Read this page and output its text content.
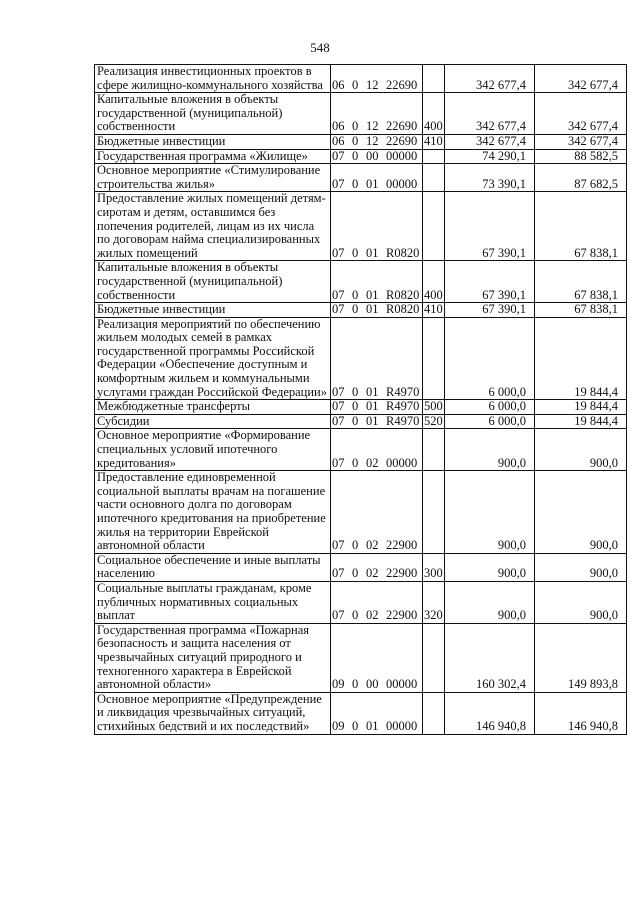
548
Реализация инвестиционных проектов в сфере жилищно-коммунального хозяйства	06 0 12 22690		342 677,4	342 677,4
Капитальные вложения в объекты государственной (муниципальной) собственности	06 0 12 22690	400	342 677,4	342 677,4
Бюджетные инвестиции	06 0 12 22690	410	342 677,4	342 677,4
Государственная программа «Жилище»	07 0 00 00000		74 290,1	88 582,5
Основное мероприятие «Стимулирование строительства жилья»	07 0 01 00000		73 390,1	87 682,5
Предоставление жилых помещений детям-сиротам и детям, оставшимся без попечения родителей, лицам из их числа по договорам найма специализированных жилых помещений	07 0 01 R0820		67 390,1	67 838,1
Капитальные вложения в объекты государственной (муниципальной) собственности	07 0 01 R0820	400	67 390,1	67 838,1
Бюджетные инвестиции	07 0 01 R0820	410	67 390,1	67 838,1
Реализация мероприятий по обеспечению жильем молодых семей в рамках государственной программы Российской Федерации «Обеспечение доступным и комфортным жильем и коммунальными услугами граждан Российской Федерации»	07 0 01 R4970		6 000,0	19 844,4
Межбюджетные трансферты	07 0 01 R4970	500	6 000,0	19 844,4
Субсидии	07 0 01 R4970	520	6 000,0	19 844,4
Основное мероприятие «Формирование специальных условий ипотечного кредитования»	07 0 02 00000		900,0	900,0
Предоставление единовременной социальной выплаты врачам на погашение части основного долга по договорам ипотечного кредитования на приобретение жилья на территории Еврейской автономной области	07 0 02 22900		900,0	900,0
Социальное обеспечение и иные выплаты населению	07 0 02 22900	300	900,0	900,0
Социальные выплаты гражданам, кроме публичных нормативных социальных выплат	07 0 02 22900	320	900,0	900,0
Государственная программа «Пожарная безопасность и защита населения от чрезвычайных ситуаций природного и техногенного характера в Еврейской автономной области»	09 0 00 00000		160 302,4	149 893,8
Основное мероприятие «Предупреждение и ликвидация чрезвычайных ситуаций, стихийных бедствий и их последствий»	09 0 01 00000		146 940,8	146 940,8
